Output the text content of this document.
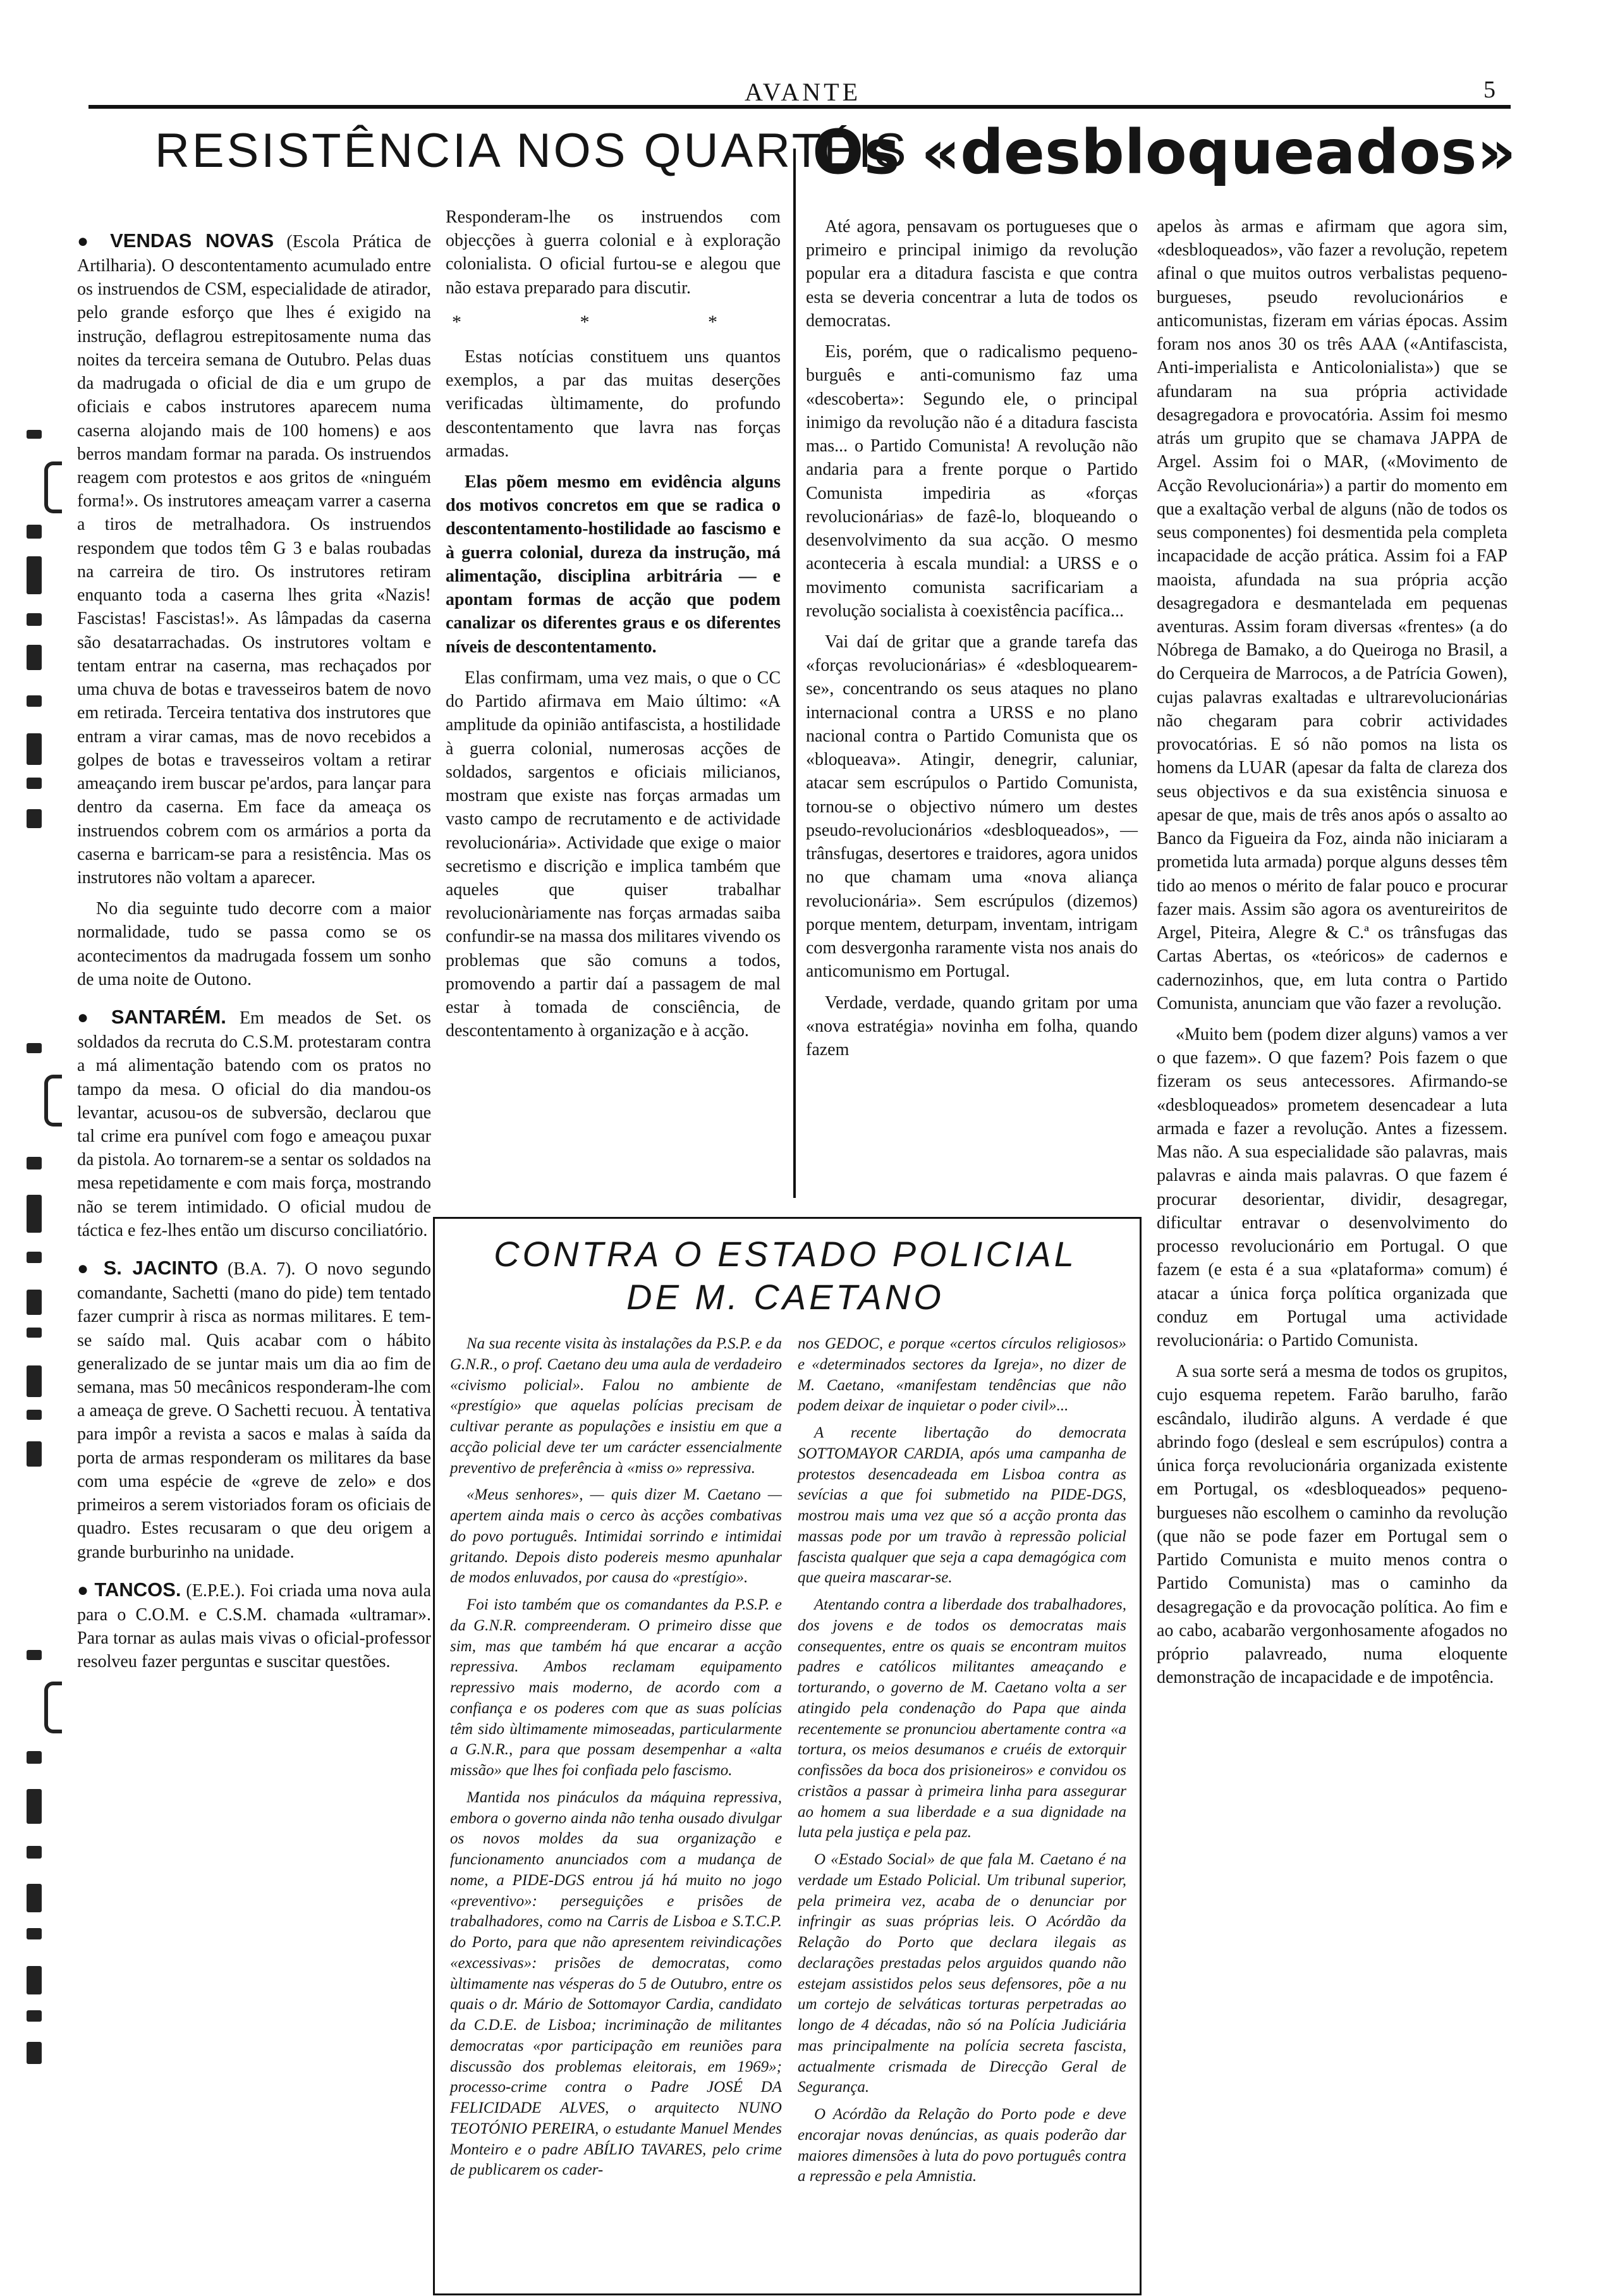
AVANTE	5
RESISTÊNCIA NOS QUARTÉIS
Os «desbloqueados»

● VENDAS NOVAS (Escola Prática de Artilharia). O descontentamento acumulado entre os instruendos de CSM, especialidade de atirador, pelo grande esforço que lhes é exigido na instrução, deflagrou estrepitosamente numa das noites da terceira semana de Outubro. Pelas duas da madrugada o oficial de dia e um grupo de oficiais e cabos instrutores aparecem numa caserna alojando mais de 100 homens) e aos berros mandam formar na parada. Os instruendos reagem com protestos e aos gritos de «ninguém forma!». Os instrutores ameaçam varrer a caserna a tiros de metralhadora. Os instruendos respondem que todos têm G 3 e balas roubadas na carreira de tiro. Os instrutores retiram enquanto toda a caserna lhes grita «Nazis! Fascistas! Fascistas!». As lâmpadas da caserna são desatarrachadas. Os instrutores voltam e tentam entrar na caserna, mas rechaçados por uma chuva de botas e travesseiros batem de novo em retirada. Terceira tentativa dos instrutores que entram a virar camas, mas de novo recebidos a golpes de botas e travesseiros voltam a retirar ameaçando irem buscar pe'ardos, para lançar para dentro da caserna. Em face da ameaça os instruendos cobrem com os armários a porta da caserna e barricam-se para a resistência. Mas os instrutores não voltam a aparecer.

No dia seguinte tudo decorre com a maior normalidade, tudo se passa como se os acontecimentos da madrugada fossem um sonho de uma noite de Outono.

● SANTARÉM. Em meados de Set. os soldados da recruta do C.S.M. protestaram contra a má alimentação batendo com os pratos no tampo da mesa. O oficial do dia mandou-os levantar, acusou-os de subversão, declarou que tal crime era punível com fogo e ameaçou puxar da pistola. Ao tornarem-se a sentar os soldados na mesa repetidamente e com mais força, mostrando não se terem intimidado. O oficial mudou de táctica e fez-lhes então um discurso conciliatório.

● S. JACINTO (B.A. 7). O novo segundo comandante, Sachetti (mano do pide) tem tentado fazer cumprir à risca as normas militares. E tem-se saído mal. Quis acabar com o hábito generalizado de se juntar mais um dia ao fim de semana, mas 50 mecânicos responderam-lhe com a ameaça de greve. O Sachetti recuou. À tentativa para impôr a revista a sacos e malas à saída da porta de armas responderam os militares da base com uma espécie de «greve de zelo» e dos primeiros a serem vistoriados foram os oficiais de quadro. Estes recusaram o que deu origem a grande burburinho na unidade.

● TANCOS. (E.P.E.). Foi criada uma nova aula para o C.O.M. e C.S.M. chamada «ultramar». Para tornar as aulas mais vivas o oficial-professor resolveu fazer perguntas e suscitar questões.

Responderam-lhe os instruendos com objecções à guerra colonial e à exploração colonialista. O oficial furtou-se e alegou que não estava preparado para discutir.

* * *

Estas notícias constituem uns quantos exemplos, a par das muitas deserções verificadas ùltimamente, do profundo descontentamento que lavra nas forças armadas.

Elas põem mesmo em evidência alguns dos motivos concretos em que se radica o descontentamento-hostilidade ao fascismo e à guerra colonial, dureza da instrução, má alimentação, disciplina arbitrária — e apontam formas de acção que podem canalizar os diferentes graus e os diferentes níveis de descontentamento.

Elas confirmam, uma vez mais, o que o CC do Partido afirmava em Maio último: «A amplitude da opinião antifascista, a hostilidade à guerra colonial, numerosas acções de soldados, sargentos e oficiais milicianos, mostram que existe nas forças armadas um vasto campo de recrutamento e de actividade revolucionária». Actividade que exige o maior secretismo e discrição e implica também que aqueles que quiser trabalhar revolucionàriamente nas forças armadas saiba confundir-se na massa dos militares vivendo os problemas que são comuns a todos, promovendo a partir daí a passagem de mal estar à tomada de consciência, de descontentamento à organização e à acção.

Até agora, pensavam os portugueses que o primeiro e principal inimigo da revolução popular era a ditadura fascista e que contra esta se deveria concentrar a luta de todos os democratas.

Eis, porém, que o radicalismo pequeno-burguês e anti-comunismo faz uma «descoberta»: Segundo ele, o principal inimigo da revolução não é a ditadura fascista mas... o Partido Comunista! A revolução não andaria para a frente porque o Partido Comunista impediria as «forças revolucionárias» de fazê-lo, bloqueando o desenvolvimento da sua acção. O mesmo aconteceria à escala mundial: a URSS e o movimento comunista sacrificariam a revolução socialista à coexistência pacífica...

Vai daí de gritar que a grande tarefa das «forças revolucionárias» é «desbloquearem-se», concentrando os seus ataques no plano internacional contra a URSS e no plano nacional contra o Partido Comunista que os «bloqueava». Atingir, denegrir, caluniar, atacar sem escrúpulos o Partido Comunista, tornou-se o objectivo número um destes pseudo-revolucionários «desbloqueados», — trânsfugas, desertores e traidores, agora unidos no que chamam uma «nova aliança revolucionária». Sem escrúpulos (dizemos) porque mentem, deturpam, inventam, intrigam com desvergonha raramente vista nos anais do anticomunismo em Portugal.

Verdade, verdade, quando gritam por uma «nova estratégia» novinha em folha, quando fazem

apelos às armas e afirmam que agora sim, «desbloqueados», vão fazer a revolução, repetem afinal o que muitos outros verbalistas pequeno-burgueses, pseudo revolucionários e anticomunistas, fizeram em várias épocas. Assim foram nos anos 30 os três AAA («Antifascista, Anti-imperialista e Anticolonialista») que se afundaram na sua própria actividade desagregadora e provocatória. Assim foi mesmo atrás um grupito que se chamava JAPPA de Argel. Assim foi o MAR, («Movimento de Acção Revolucionária») a partir do momento em que a exaltação verbal de alguns (não de todos os seus componentes) foi desmentida pela completa incapacidade de acção prática. Assim foi a FAP maoista, afundada na sua própria acção desagregadora e desmantelada em pequenas aventuras. Assim foram diversas «frentes» (a do Nóbrega de Bamako, a do Queiroga no Brasil, a do Cerqueira de Marrocos, a de Patrícia Gowen), cujas palavras exaltadas e ultrarevolucionárias não chegaram para cobrir actividades provocatórias. E só não pomos na lista os homens da LUAR (apesar da falta de clareza dos seus objectivos e da sua existência sinuosa e apesar de que, mais de três anos após o assalto ao Banco da Figueira da Foz, ainda não iniciaram a prometida luta armada) porque alguns desses têm tido ao menos o mérito de falar pouco e procurar fazer mais. Assim são agora os aventureiritos de Argel, Piteira, Alegre & C.ª os trânsfugas das Cartas Abertas, os «teóricos» de cadernos e cadernozinhos, que, em luta contra o Partido Comunista, anunciam que vão fazer a revolução.

«Muito bem (podem dizer alguns) vamos a ver o que fazem». O que fazem? Pois fazem o que fizeram os seus antecessores. Afirmando-se «desbloqueados» prometem desencadear a luta armada e fazer a revolução. Antes a fizessem. Mas não. A sua especialidade são palavras, mais palavras e ainda mais palavras. O que fazem é procurar desorientar, dividir, desagregar, dificultar entravar o desenvolvimento do processo revolucionário em Portugal. O que fazem (e esta é a sua «plataforma» comum) é atacar a única força política organizada que conduz em Portugal uma actividade revolucionária: o Partido Comunista.

A sua sorte será a mesma de todos os grupitos, cujo esquema repetem. Farão barulho, farão escândalo, iludirão alguns. A verdade é que abrindo fogo (desleal e sem escrúpulos) contra a única força revolucionária organizada existente em Portugal, os «desbloqueados» pequeno-burgueses não escolhem o caminho da revolução (que não se pode fazer em Portugal sem o Partido Comunista e muito menos contra o Partido Comunista) mas o caminho da desagregação e da provocação política. Ao fim e ao cabo, acabarão vergonhosamente afogados no próprio palavreado, numa eloquente demonstração de incapacidade e de impotência.

CONTRA O ESTADO POLICIAL
DE M. CAETANO

Na sua recente visita às instalações da P.S.P. e da G.N.R., o prof. Caetano deu uma aula de verdadeiro «civismo policial». Falou no ambiente de «prestígio» que aquelas polícias precisam de cultivar perante as populações e insistiu em que a acção policial deve ter um carácter essencialmente preventivo de preferência à «miss o» repressiva.

«Meus senhores», — quis dizer M. Caetano — apertem ainda mais o cerco às acções combativas do povo português. Intimidai sorrindo e intimidai gritando. Depois disto podereis mesmo apunhalar de modos enluvados, por causa do «prestígio».

Foi isto também que os comandantes da P.S.P. e da G.N.R. compreenderam. O primeiro disse que sim, mas que também há que encarar a acção repressiva. Ambos reclamam equipamento repressivo mais moderno, de acordo com a confiança e os poderes com que as suas polícias têm sido ùltimamente mimoseadas, particularmente a G.N.R., para que possam desempenhar a «alta missão» que lhes foi confiada pelo fascismo.

Mantida nos pináculos da máquina repressiva, embora o governo ainda não tenha ousado divulgar os novos moldes da sua organização e funcionamento anunciados com a mudança de nome, a PIDE-DGS entrou já há muito no jogo «preventivo»: perseguições e prisões de trabalhadores, como na Carris de Lisboa e S.T.C.P. do Porto, para que não apresentem reivindicações «excessivas»: prisões de democratas, como ùltimamente nas vésperas do 5 de Outubro, entre os quais o dr. Mário de Sottomayor Cardia, candidato da C.D.E. de Lisboa; incriminação de militantes democratas «por participação em reuniões para discussão dos problemas eleitorais, em 1969»; processo-crime contra o Padre JOSÉ DA FELICIDADE ALVES, o arquitecto NUNO TEOTÓNIO PEREIRA, o estudante Manuel Mendes Monteiro e o padre ABÍLIO TAVARES, pelo crime de publicarem os cader-

nos GEDOC, e porque «certos círculos religiosos» e «determinados sectores da Igreja», no dizer de M. Caetano, «manifestam tendências que não podem deixar de inquietar o poder civil»...

A recente libertação do democrata SOTTOMAYOR CARDIA, após uma campanha de protestos desencadeada em Lisboa contra as sevícias a que foi submetido na PIDE-DGS, mostrou mais uma vez que só a acção pronta das massas pode por um travão à repressão policial fascista qualquer que seja a capa demagógica com que queira mascarar-se.

Atentando contra a liberdade dos trabalhadores, dos jovens e de todos os democratas mais consequentes, entre os quais se encontram muitos padres e católicos militantes ameaçando e torturando, o governo de M. Caetano volta a ser atingido pela condenação do Papa que ainda recentemente se pronunciou abertamente contra «a tortura, os meios desumanos e cruéis de extorquir confissões da boca dos prisioneiros» e convidou os cristãos a passar à primeira linha para assegurar ao homem a sua liberdade e a sua dignidade na luta pela justiça e pela paz.

O «Estado Social» de que fala M. Caetano é na verdade um Estado Policial. Um tribunal superior, pela primeira vez, acaba de o denunciar por infringir as suas próprias leis. O Acórdão da Relação do Porto que declara ilegais as declarações prestadas pelos arguidos quando não estejam assistidos pelos seus defensores, põe a nu um cortejo de selváticas torturas perpetradas ao longo de 4 décadas, não só na Polícia Judiciária mas principalmente na polícia secreta fascista, actualmente crismada de Direcção Geral de Segurança.

O Acórdão da Relação do Porto pode e deve encorajar novas denúncias, as quais poderão dar maiores dimensões à luta do povo português contra a repressão e pela Amnistia.
